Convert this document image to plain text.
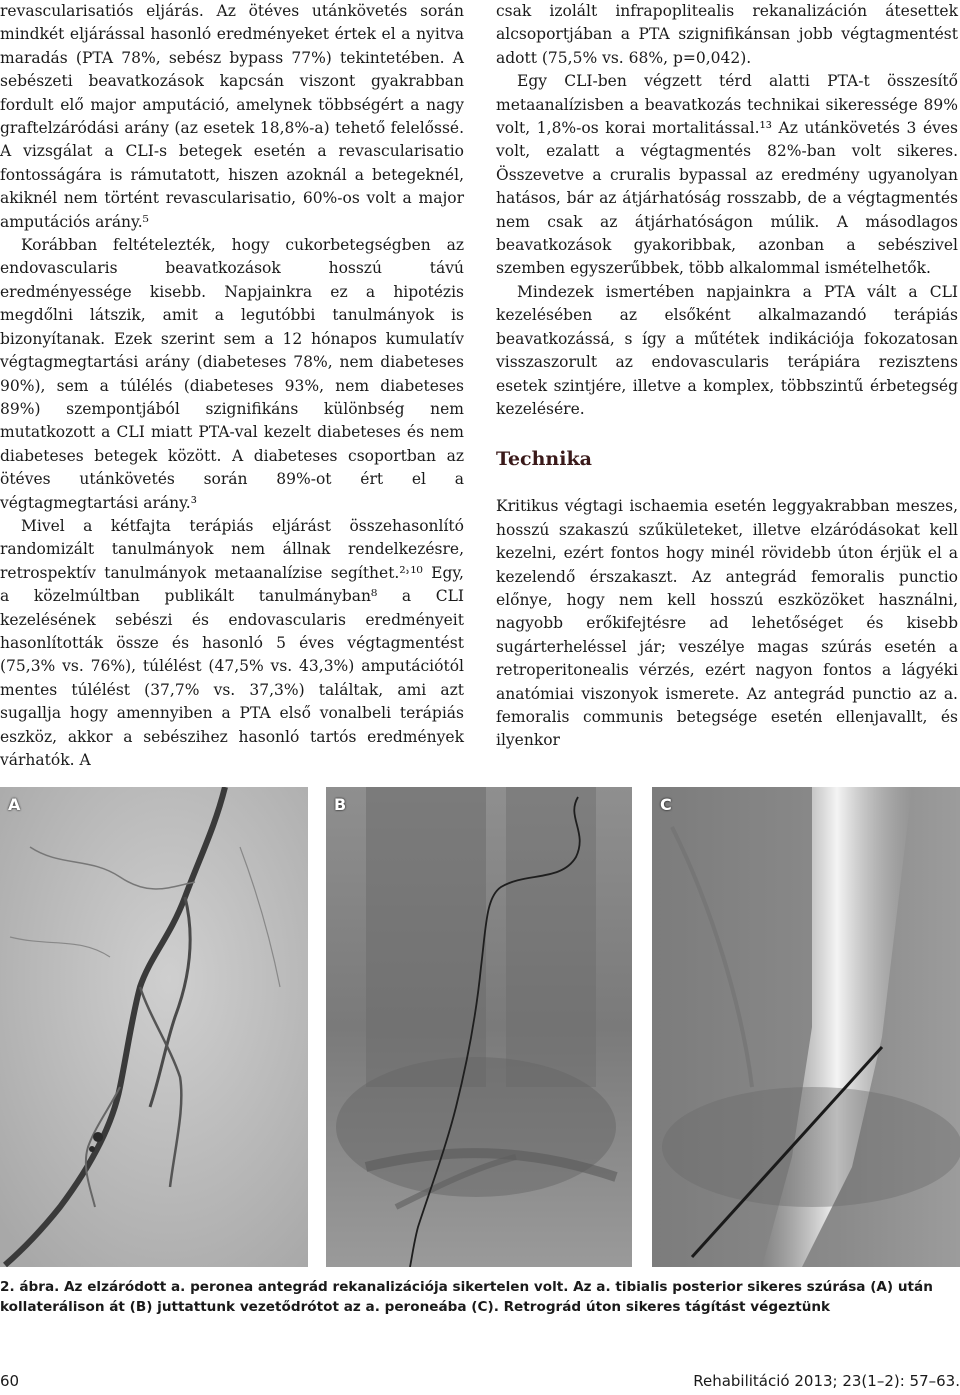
revascularisatiós eljárás. Az ötéves utánkövetés során mindkét eljárással hasonló eredményeket értek el a nyitva maradás (PTA 78%, sebész bypass 77%) tekintetében. A sebészeti beavatkozások kapcsán viszont gyakrabban fordult elő major amputáció, amelynek többségért a nagy graftelzáródási arány (az esetek 18,8%-a) tehető felelőssé. A vizsgálat a CLI-s betegek esetén a revascularisatio fontosságára is rámutatott, hiszen azoknál a betegeknél, akiknél nem történt revascularisatio, 60%-os volt a major amputációs arány.⁵

Korábban feltételezték, hogy cukorbetegségben az endovascularis beavatkozások hosszú távú eredményessége kisebb. Napjainkra ez a hipotézis megdőlni látszik, amit a legutóbbi tanulmányok is bizonyítanak. Ezek szerint sem a 12 hónapos kumulatív végtagmegtartási arány (diabeteses 78%, nem diabeteses 90%), sem a túlélés (diabeteses 93%, nem diabeteses 89%) szempontjából szignifikáns különbség nem mutatkozott a CLI miatt PTA-val kezelt diabeteses és nem diabeteses betegek között. A diabeteses csoportban az ötéves utánkövetés során 89%-ot ért el a végtagmegtartási arány.³

Mivel a kétfajta terápiás eljárást összehasonlító randomizált tanulmányok nem állnak rendelkezésre, retrospektív tanulmányok metaanalízise segíthet.²˒¹⁰ Egy, a közelmúltban publikált tanulmányban⁸ a CLI kezelésének sebészi és endovascularis eredményeit hasonlították össze és hasonló 5 éves végtagmentést (75,3% vs. 76%), túlélést (47,5% vs. 43,3%) amputációtól mentes túlélést (37,7% vs. 37,3%) találtak, ami azt sugallja hogy amennyiben a PTA első vonalbeli terápiás eszköz, akkor a sebészihez hasonló tartós eredmények várhatók. A

csak izolált infrapoplitealis rekanalizáción átesettek alcsoportjában a PTA szignifikánsan jobb végtagmentést adott (75,5% vs. 68%, p=0,042).

Egy CLI-ben végzett térd alatti PTA-t összesítő metaanalízisben a beavatkozás technikai sikeressége 89% volt, 1,8%-os korai mortalitással.¹³ Az utánkövetés 3 éves volt, ezalatt a végtagmentés 82%-ban volt sikeres. Összevetve a cruralis bypassal az eredmény ugyanolyan hatásos, bár az átjárhatóság rosszabb, de a végtagmentés nem csak az átjárhatóságon múlik. A másodlagos beavatkozások gyakoribbak, azonban a sebészivel szemben egyszerűbbek, több alkalommal ismételhetők.

Mindezek ismertében napjainkra a PTA vált a CLI kezelésében az elsőként alkalmazandó terápiás beavatkozássá, s így a műtétek indikációja fokozatosan visszaszorult az endovascularis terápiára rezisztens esetek szintjére, illetve a komplex, többszintű érbetegség kezelésére.

Technika

Kritikus végtagi ischaemia esetén leggyakrabban meszes, hosszú szakaszú szűkületeket, illetve elzáródásokat kell kezelni, ezért fontos hogy minél rövidebb úton érjük el a kezelendő érszakaszt. Az antegrád femoralis punctio előnye, hogy nem kell hosszú eszközöket használni, nagyobb erőkifejtésre ad lehetőséget és kisebb sugárterheléssel jár; veszélye magas szúrás esetén a retroperitonealis vérzés, ezért nagyon fontos a lágyéki anatómiai viszonyok ismerete. Az antegrád punctio az a. femoralis communis betegsége esetén ellenjavallt, és ilyenkor

A	B	C
2. ábra. Az elzáródott a. peronea antegrád rekanalizációja sikertelen volt. Az a. tibialis posterior sikeres szúrása (A) után kollaterálison át (B) juttattunk vezetődrótot az a. peroneába (C). Retrográd úton sikeres tágítást végeztünk
60	Rehabilitáció 2013; 23(1–2): 57–63.
